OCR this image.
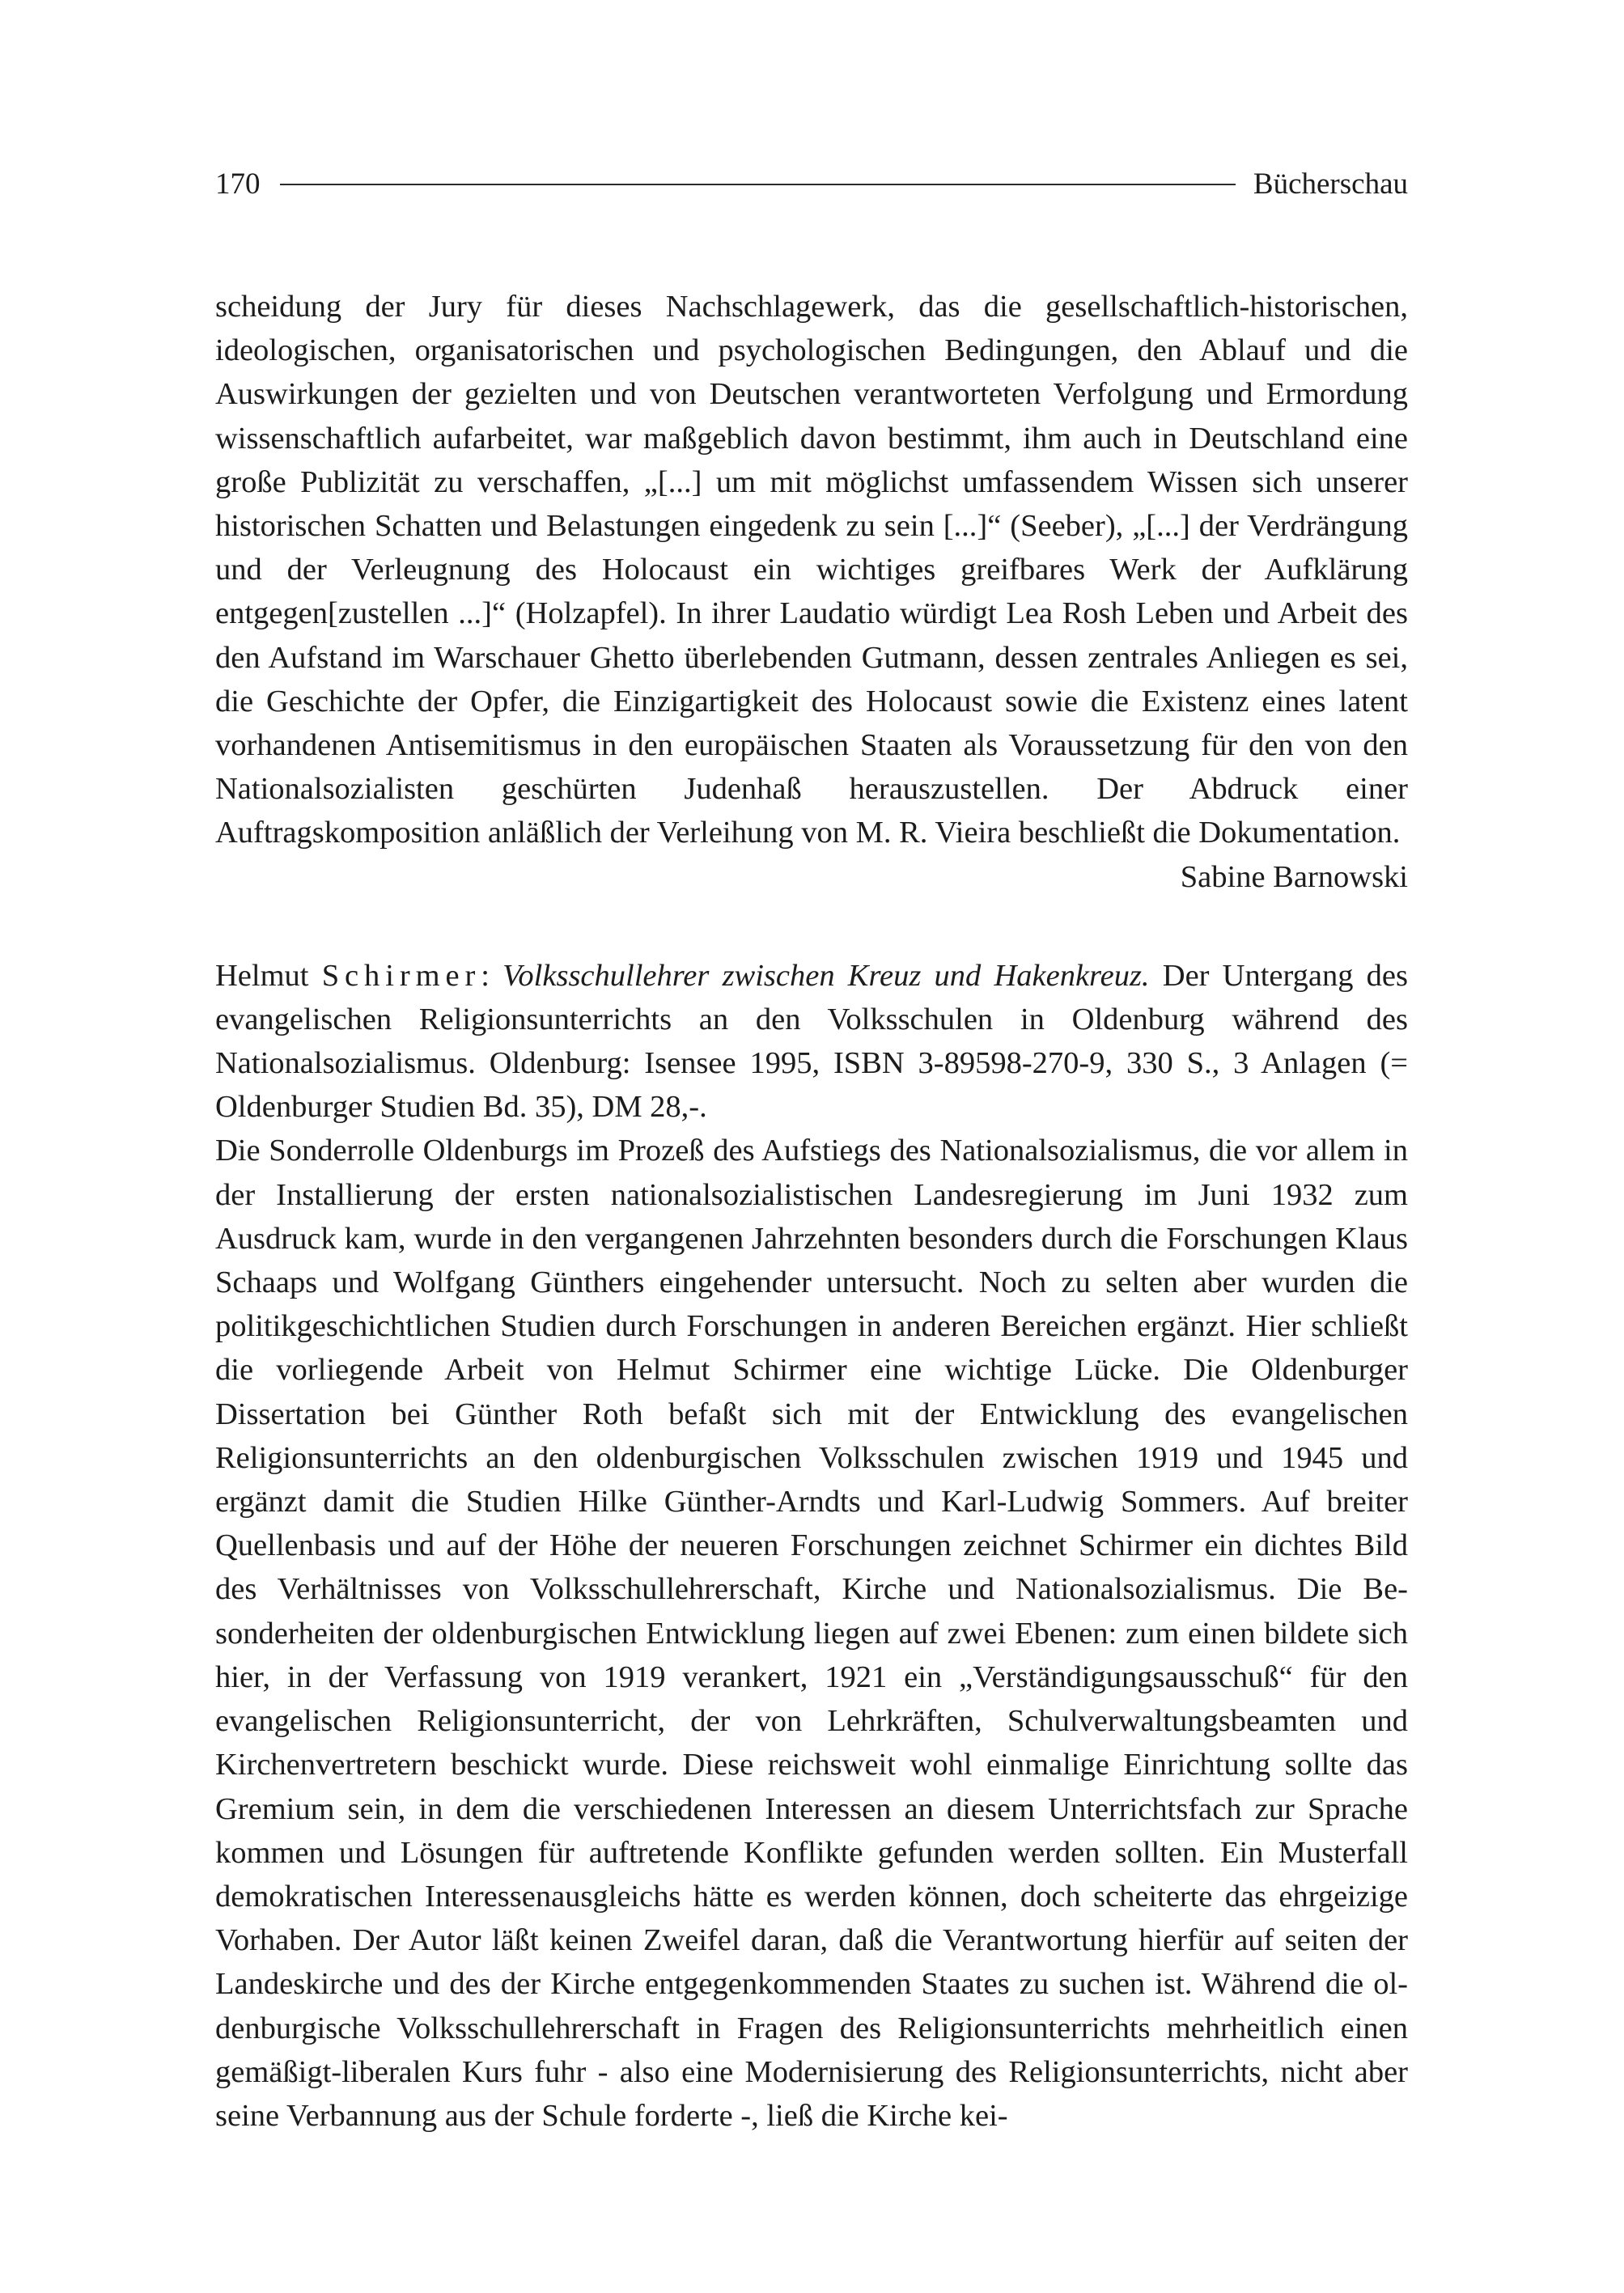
170	Bücherschau

scheidung der Jury für dieses Nachschlagewerk, das die gesellschaftlich-historischen, ideologischen, organisatorischen und psychologischen Bedingungen, den Ablauf und die Auswirkungen der gezielten und von Deutschen verantworteten Verfolgung und Ermordung wissenschaftlich aufarbeitet, war maßgeblich davon bestimmt, ihm auch in Deutschland eine große Publizität zu verschaffen, „[...] um mit möglichst umfassendem Wissen sich unserer historischen Schatten und Belastungen eingedenk zu sein [...]“ (Seeber), „[...] der Verdrängung und der Verleugnung des Holocaust ein wichtiges greifbares Werk der Aufklärung entgegen[zustellen ...]“ (Holzapfel). In ihrer Laudatio würdigt Lea Rosh Leben und Arbeit des den Aufstand im Warschauer Ghetto überlebenden Gutmann, dessen zentrales Anliegen es sei, die Geschichte der Opfer, die Einzigartigkeit des Holocaust sowie die Existenz eines latent vorhandenen Antisemitismus in den europäischen Staaten als Voraussetzung für den von den Nationalsozialisten geschürten Judenhaß herauszustellen. Der Abdruck einer Auftragskomposition anläßlich der Verleihung von M. R. Vieira beschließt die Dokumentation.

Sabine Barnowski

Helmut Schirmer: Volksschullehrer zwischen Kreuz und Hakenkreuz. Der Untergang des evangelischen Religionsunterrichts an den Volksschulen in Oldenburg während des Nationalsozialismus. Oldenburg: Isensee 1995, ISBN 3-89598-270-9, 330 S., 3 Anlagen (= Oldenburger Studien Bd. 35), DM 28,-.

Die Sonderrolle Oldenburgs im Prozeß des Aufstiegs des Nationalsozialismus, die vor allem in der Installierung der ersten nationalsozialistischen Landesregierung im Juni 1932 zum Ausdruck kam, wurde in den vergangenen Jahrzehnten besonders durch die Forschungen Klaus Schaaps und Wolfgang Günthers eingehender untersucht. Noch zu selten aber wurden die politikgeschichtlichen Studien durch Forschungen in anderen Bereichen ergänzt. Hier schließt die vorliegende Arbeit von Helmut Schirmer eine wichtige Lücke. Die Oldenburger Dissertation bei Günther Roth befaßt sich mit der Entwicklung des evangelischen Religionsunterrichts an den oldenburgischen Volksschulen zwischen 1919 und 1945 und ergänzt damit die Studien Hilke Günther-Arndts und Karl-Ludwig Sommers. Auf breiter Quellenbasis und auf der Höhe der neueren Forschungen zeichnet Schirmer ein dichtes Bild des Verhältnisses von Volksschullehrerschaft, Kirche und Nationalsozialismus. Die Besonderheiten der oldenburgischen Entwicklung liegen auf zwei Ebenen: zum einen bildete sich hier, in der Verfassung von 1919 verankert, 1921 ein „Verständigungsausschuß“ für den evangelischen Religionsunterricht, der von Lehrkräften, Schulverwaltungsbeamten und Kirchenvertretern beschickt wurde. Diese reichsweit wohl einmalige Einrichtung sollte das Gremium sein, in dem die verschiedenen Interessen an diesem Unterrichtsfach zur Sprache kommen und Lösungen für auftretende Konflikte gefunden werden sollten. Ein Musterfall demokratischen Interessenausgleichs hätte es werden können, doch scheiterte das ehrgeizige Vorhaben. Der Autor läßt keinen Zweifel daran, daß die Verantwortung hierfür auf seiten der Landeskirche und des der Kirche entgegenkommenden Staates zu suchen ist. Während die oldenburgische Volksschullehrerschaft in Fragen des Religionsunterrichts mehrheitlich einen gemäßigt-liberalen Kurs fuhr - also eine Modernisierung des Religionsunterrichts, nicht aber seine Verbannung aus der Schule forderte -, ließ die Kirche kei-
